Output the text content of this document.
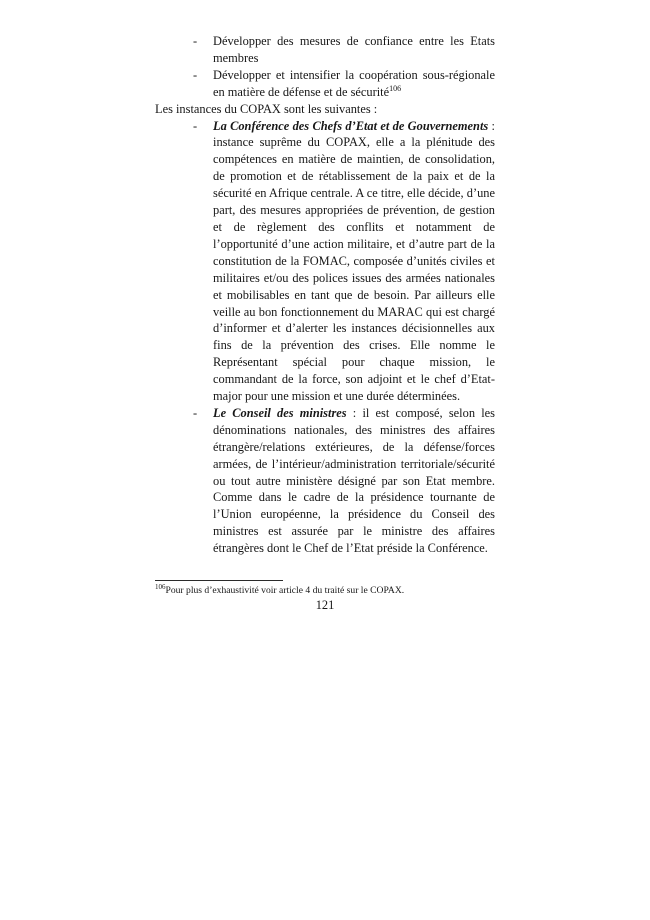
- Développer des mesures de confiance entre les Etats membres

- Développer et intensifier la coopération sous-régionale en matière de défense et de sécurité$^{106}$

Les instances du COPAX sont les suivantes :

- La Conférence des Chefs d’Etat et de Gouvernements : instance suprême du COPAX, elle a la plénitude des compétences en matière de maintien, de consolidation, de promotion et de rétablissement de la paix et de la sécurité en Afrique centrale. A ce titre, elle décide, d’une part, des mesures appropriées de prévention, de gestion et de règlement des conflits et notamment de l’opportunité d’une action militaire, et d’autre part de la constitution de la FOMAC, composée d’unités civiles et militaires et/ou des polices issues des armées nationales et mobilisables en tant que de besoin. Par ailleurs elle veille au bon fonctionnement du MARAC qui est chargé d’informer et d’alerter les instances décisionnelles aux fins de la prévention des crises. Elle nomme le Représentant spécial pour chaque mission, le commandant de la force, son adjoint et le chef d’Etat-major pour une mission et une durée déterminées.

- Le Conseil des ministres : il est composé, selon les dénominations nationales, des ministres des affaires étrangère/relations extérieures, de la défense/forces armées, de l’intérieur/administration territoriale/sécurité ou tout autre ministère désigné par son Etat membre. Comme dans le cadre de la présidence tournante de l’Union européenne, la présidence du Conseil des ministres est assurée par le ministre des affaires étrangères dont le Chef de l’Etat préside la Conférence.

$^{106}$Pour plus d’exhaustivité voir article 4 du traité sur le COPAX.

121
